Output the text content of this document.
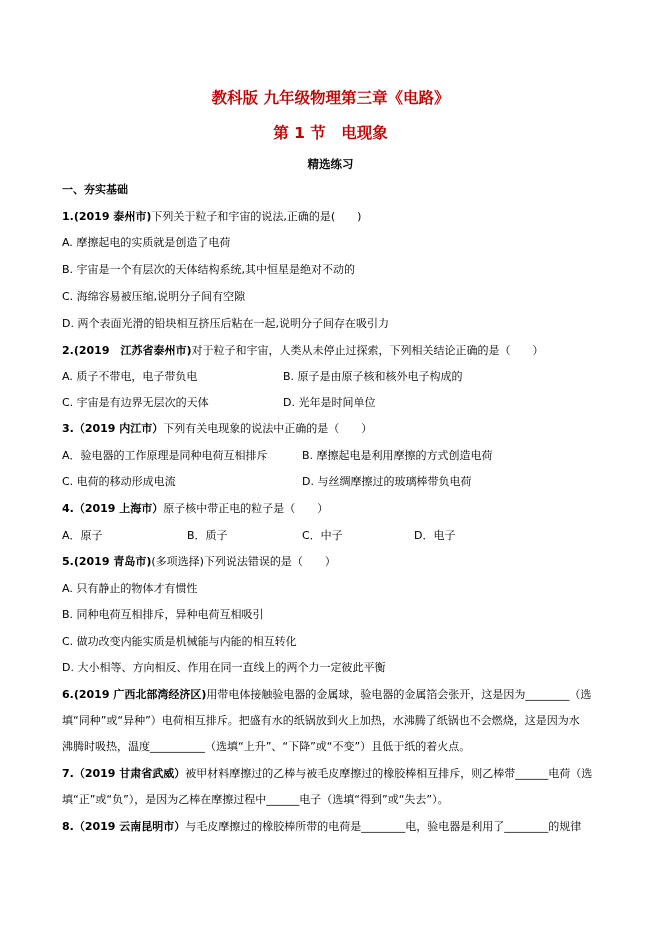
教科版 九年级物理第三章《电路》
第 1 节　电现象
精选练习
一、夯实基础
1.(2019 泰州市)下列关于粒子和宇宙的说法,正确的是(　　)
A. 摩擦起电的实质就是创造了电荷
B. 宇宙是一个有层次的天体结构系统,其中恒星是绝对不动的
C. 海绵容易被压缩,说明分子间有空隙
D. 两个表面光滑的铅块相互挤压后粘在一起,说明分子间存在吸引力
2.(2019　江苏省泰州市)对于粒子和宇宙，人类从未停止过探索，下列相关结论正确的是（　　）
A. 质子不带电，电子带负电	B. 原子是由原子核和核外电子构成的
C. 宇宙是有边界无层次的天体	D. 光年是时间单位
3.（2019 内江市）下列有关电现象的说法中正确的是（　　）
A．验电器的工作原理是同种电荷互相排斥	B. 摩擦起电是利用摩擦的方式创造电荷
C. 电荷的移动形成电流	D. 与丝绸摩擦过的玻璃棒带负电荷
4.（2019 上海市）原子核中带正电的粒子是（　　）
A．原子	B．质子	C．中子	D．电子
5.(2019 青岛市)(多项选择)下列说法错误的是（　　）
A. 只有静止的物体才有惯性
B. 同种电荷互相排斥，异种电荷互相吸引
C. 做功改变内能实质是机械能与内能的相互转化
D. 大小相等、方向相反、作用在同一直线上的两个力一定彼此平衡
6.(2019 广西北部湾经济区)用带电体接触验电器的金属球，验电器的金属箔会张开，这是因为________（选
填“同种”或“异种”）电荷相互排斥。把盛有水的纸锅放到火上加热，水沸腾了纸锅也不会燃烧，这是因为水
沸腾时吸热，温度__________（选填“上升”、“下降”或“不变”）且低于纸的着火点。
7.（2019 甘肃省武威）被甲材料摩擦过的乙棒与被毛皮摩擦过的橡胶棒相互排斥，则乙棒带______电荷（选
填“正”或“负”），是因为乙棒在摩擦过程中______电子（选填“得到”或“失去”）。
8.（2019 云南昆明市）与毛皮摩擦过的橡胶棒所带的电荷是________电，验电器是利用了________的规律
